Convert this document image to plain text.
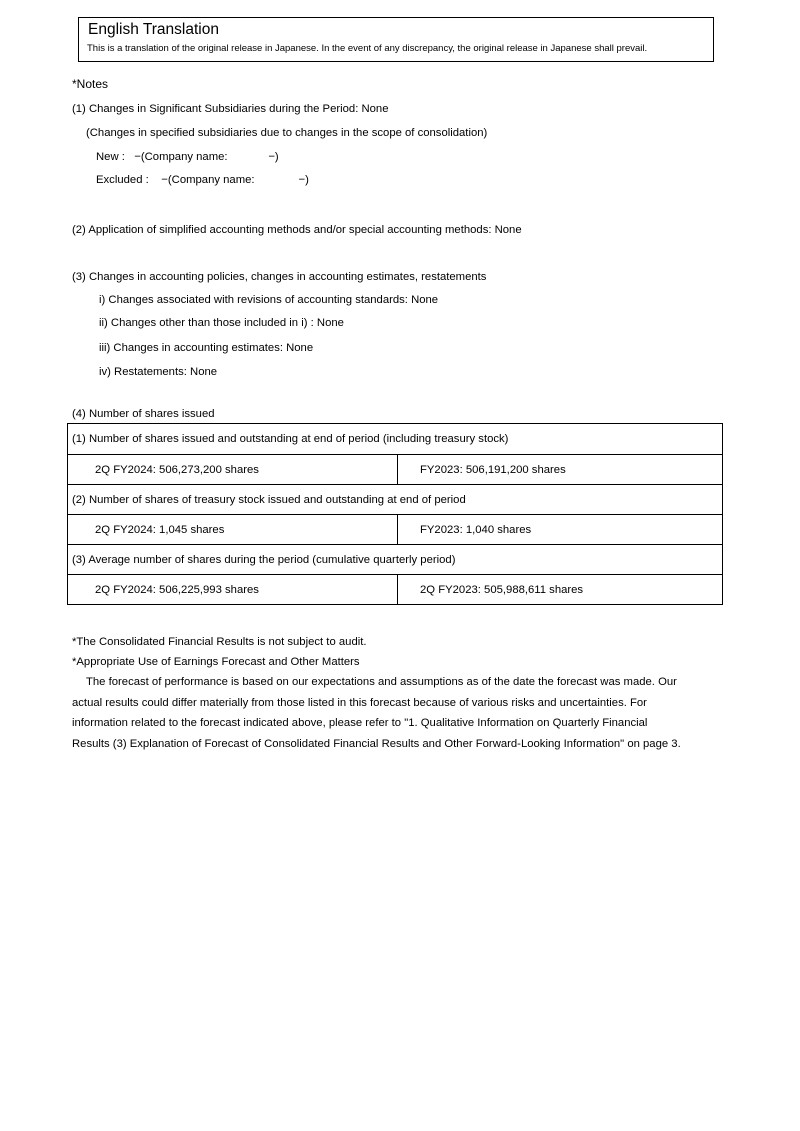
English Translation
This is a translation of the original release in Japanese. In the event of any discrepancy, the original release in Japanese shall prevail.
*Notes
(1) Changes in Significant Subsidiaries during the Period: None
(Changes in specified subsidiaries due to changes in the scope of consolidation)
New :   −(Company name:             −)
Excluded :    −(Company name:              −)
(2) Application of simplified accounting methods and/or special accounting methods: None
(3) Changes in accounting policies, changes in accounting estimates, restatements
i) Changes associated with revisions of accounting standards: None
ii) Changes other than those included in i) : None
iii) Changes in accounting estimates: None
iv) Restatements: None
(4) Number of shares issued
(1) Number of shares issued and outstanding at end of period (including treasury stock)
2Q FY2024: 506,273,200 shares	FY2023: 506,191,200 shares
(2) Number of shares of treasury stock issued and outstanding at end of period
2Q FY2024: 1,045 shares	FY2023: 1,040 shares
(3) Average number of shares during the period (cumulative quarterly period)
2Q FY2024: 506,225,993 shares	2Q FY2023: 505,988,611 shares
*The Consolidated Financial Results is not subject to audit.
*Appropriate Use of Earnings Forecast and Other Matters
The forecast of performance is based on our expectations and assumptions as of the date the forecast was made. Our
actual results could differ materially from those listed in this forecast because of various risks and uncertainties. For
information related to the forecast indicated above, please refer to "1. Qualitative Information on Quarterly Financial
Results (3) Explanation of Forecast of Consolidated Financial Results and Other Forward-Looking Information" on page 3.
